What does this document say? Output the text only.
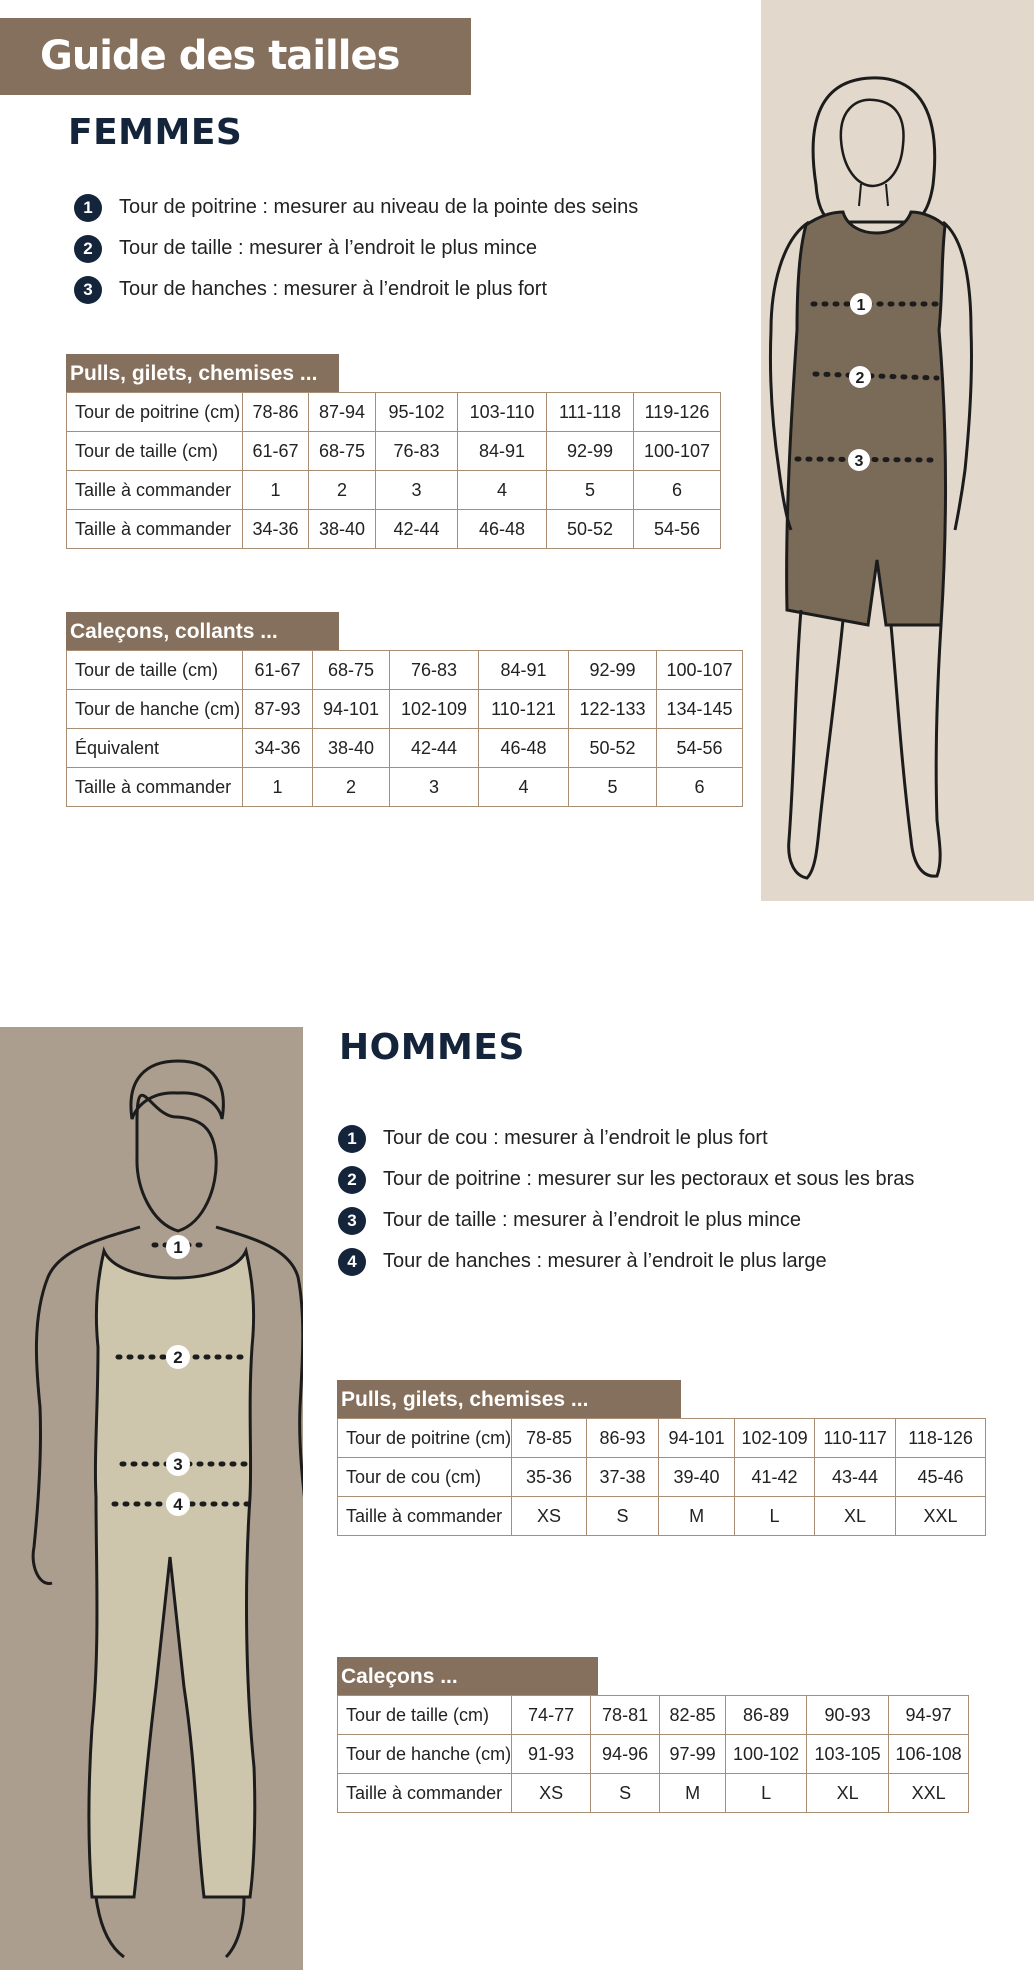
Guide des tailles
FEMMES
1	Tour de poitrine : mesurer au niveau de la pointe des seins
2	Tour de taille : mesurer à l’endroit le plus mince
3	Tour de hanches : mesurer à l’endroit le plus fort
Pulls, gilets, chemises ...
Tour de poitrine (cm)	78-86	87-94	95-102	103-110	111-118	119-126
Tour de taille (cm)	61-67	68-75	76-83	84-91	92-99	100-107
Taille à commander	1	2	3	4	5	6
Taille à commander	34-36	38-40	42-44	46-48	50-52	54-56
Caleçons, collants ...
Tour de taille (cm)	61-67	68-75	76-83	84-91	92-99	100-107
Tour de hanche (cm)	87-93	94-101	102-109	110-121	122-133	134-145
Équivalent	34-36	38-40	42-44	46-48	50-52	54-56
Taille à commander	1	2	3	4	5	6
1
2
3
1
2
3
4
HOMMES
1	Tour de cou : mesurer à l’endroit le plus fort
2	Tour de poitrine : mesurer sur les pectoraux et sous les bras
3	Tour de taille : mesurer à l’endroit le plus mince
4	Tour de hanches : mesurer à l’endroit le plus large
Pulls, gilets, chemises ...
Tour de poitrine (cm)	78-85	86-93	94-101	102-109	110-117	118-126
Tour de cou (cm)	35-36	37-38	39-40	41-42	43-44	45-46
Taille à commander	XS	S	M	L	XL	XXL
Caleçons ...
Tour de taille (cm)	74-77	78-81	82-85	86-89	90-93	94-97
Tour de hanche (cm)	91-93	94-96	97-99	100-102	103-105	106-108
Taille à commander	XS	S	M	L	XL	XXL
